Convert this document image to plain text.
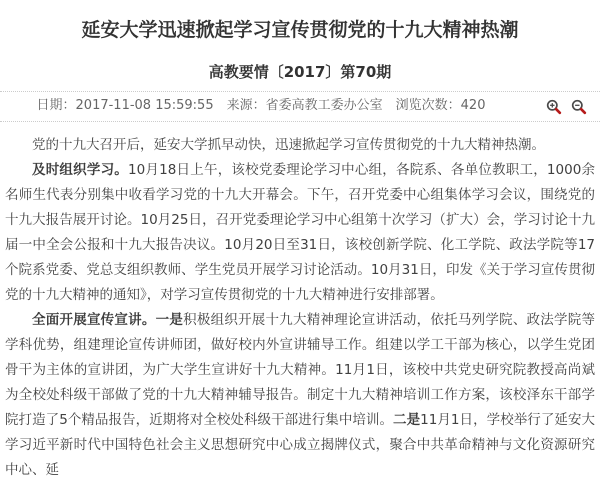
延安大学迅速掀起学习宣传贯彻党的十九大精神热潮
高教要情〔2017〕第70期
日期：2017-11-08 15:59:55 来源：省委高教工委办公室 浏览次数：420

党的十九大召开后，延安大学抓早动快，迅速掀起学习宣传贯彻党的十九大精神热潮。

及时组织学习。10月18日上午，该校党委理论学习中心组，各院系、各单位教职工，1000余名师生代表分别集中收看学习党的十九大开幕会。下午，召开党委中心组集体学习会议，围绕党的十九大报告展开讨论。10月25日，召开党委理论学习中心组第十次学习（扩大）会，学习讨论十九届一中全会公报和十九大报告决议。10月20日至31日，该校创新学院、化工学院、政法学院等17个院系党委、党总支组织教师、学生党员开展学习讨论活动。10月31日，印发《关于学习宣传贯彻党的十九大精神的通知》，对学习宣传贯彻党的十九大精神进行安排部署。

全面开展宣传宣讲。一是积极组织开展十九大精神理论宣讲活动，依托马列学院、政法学院等学科优势，组建理论宣传讲师团，做好校内外宣讲辅导工作。组建以学工干部为核心，以学生党团骨干为主体的宣讲团，为广大学生宣讲好十九大精神。11月1日，该校中共党史研究院教授高尚斌为全校处科级干部做了党的十九大精神辅导报告。制定十九大精神培训工作方案，该校泽东干部学院打造了5个精品报告，近期将对全校处科级干部进行集中培训。二是11月1日，学校举行了延安大学习近平新时代中国特色社会主义思想研究中心成立揭牌仪式，聚合中共革命精神与文化资源研究中心、延
